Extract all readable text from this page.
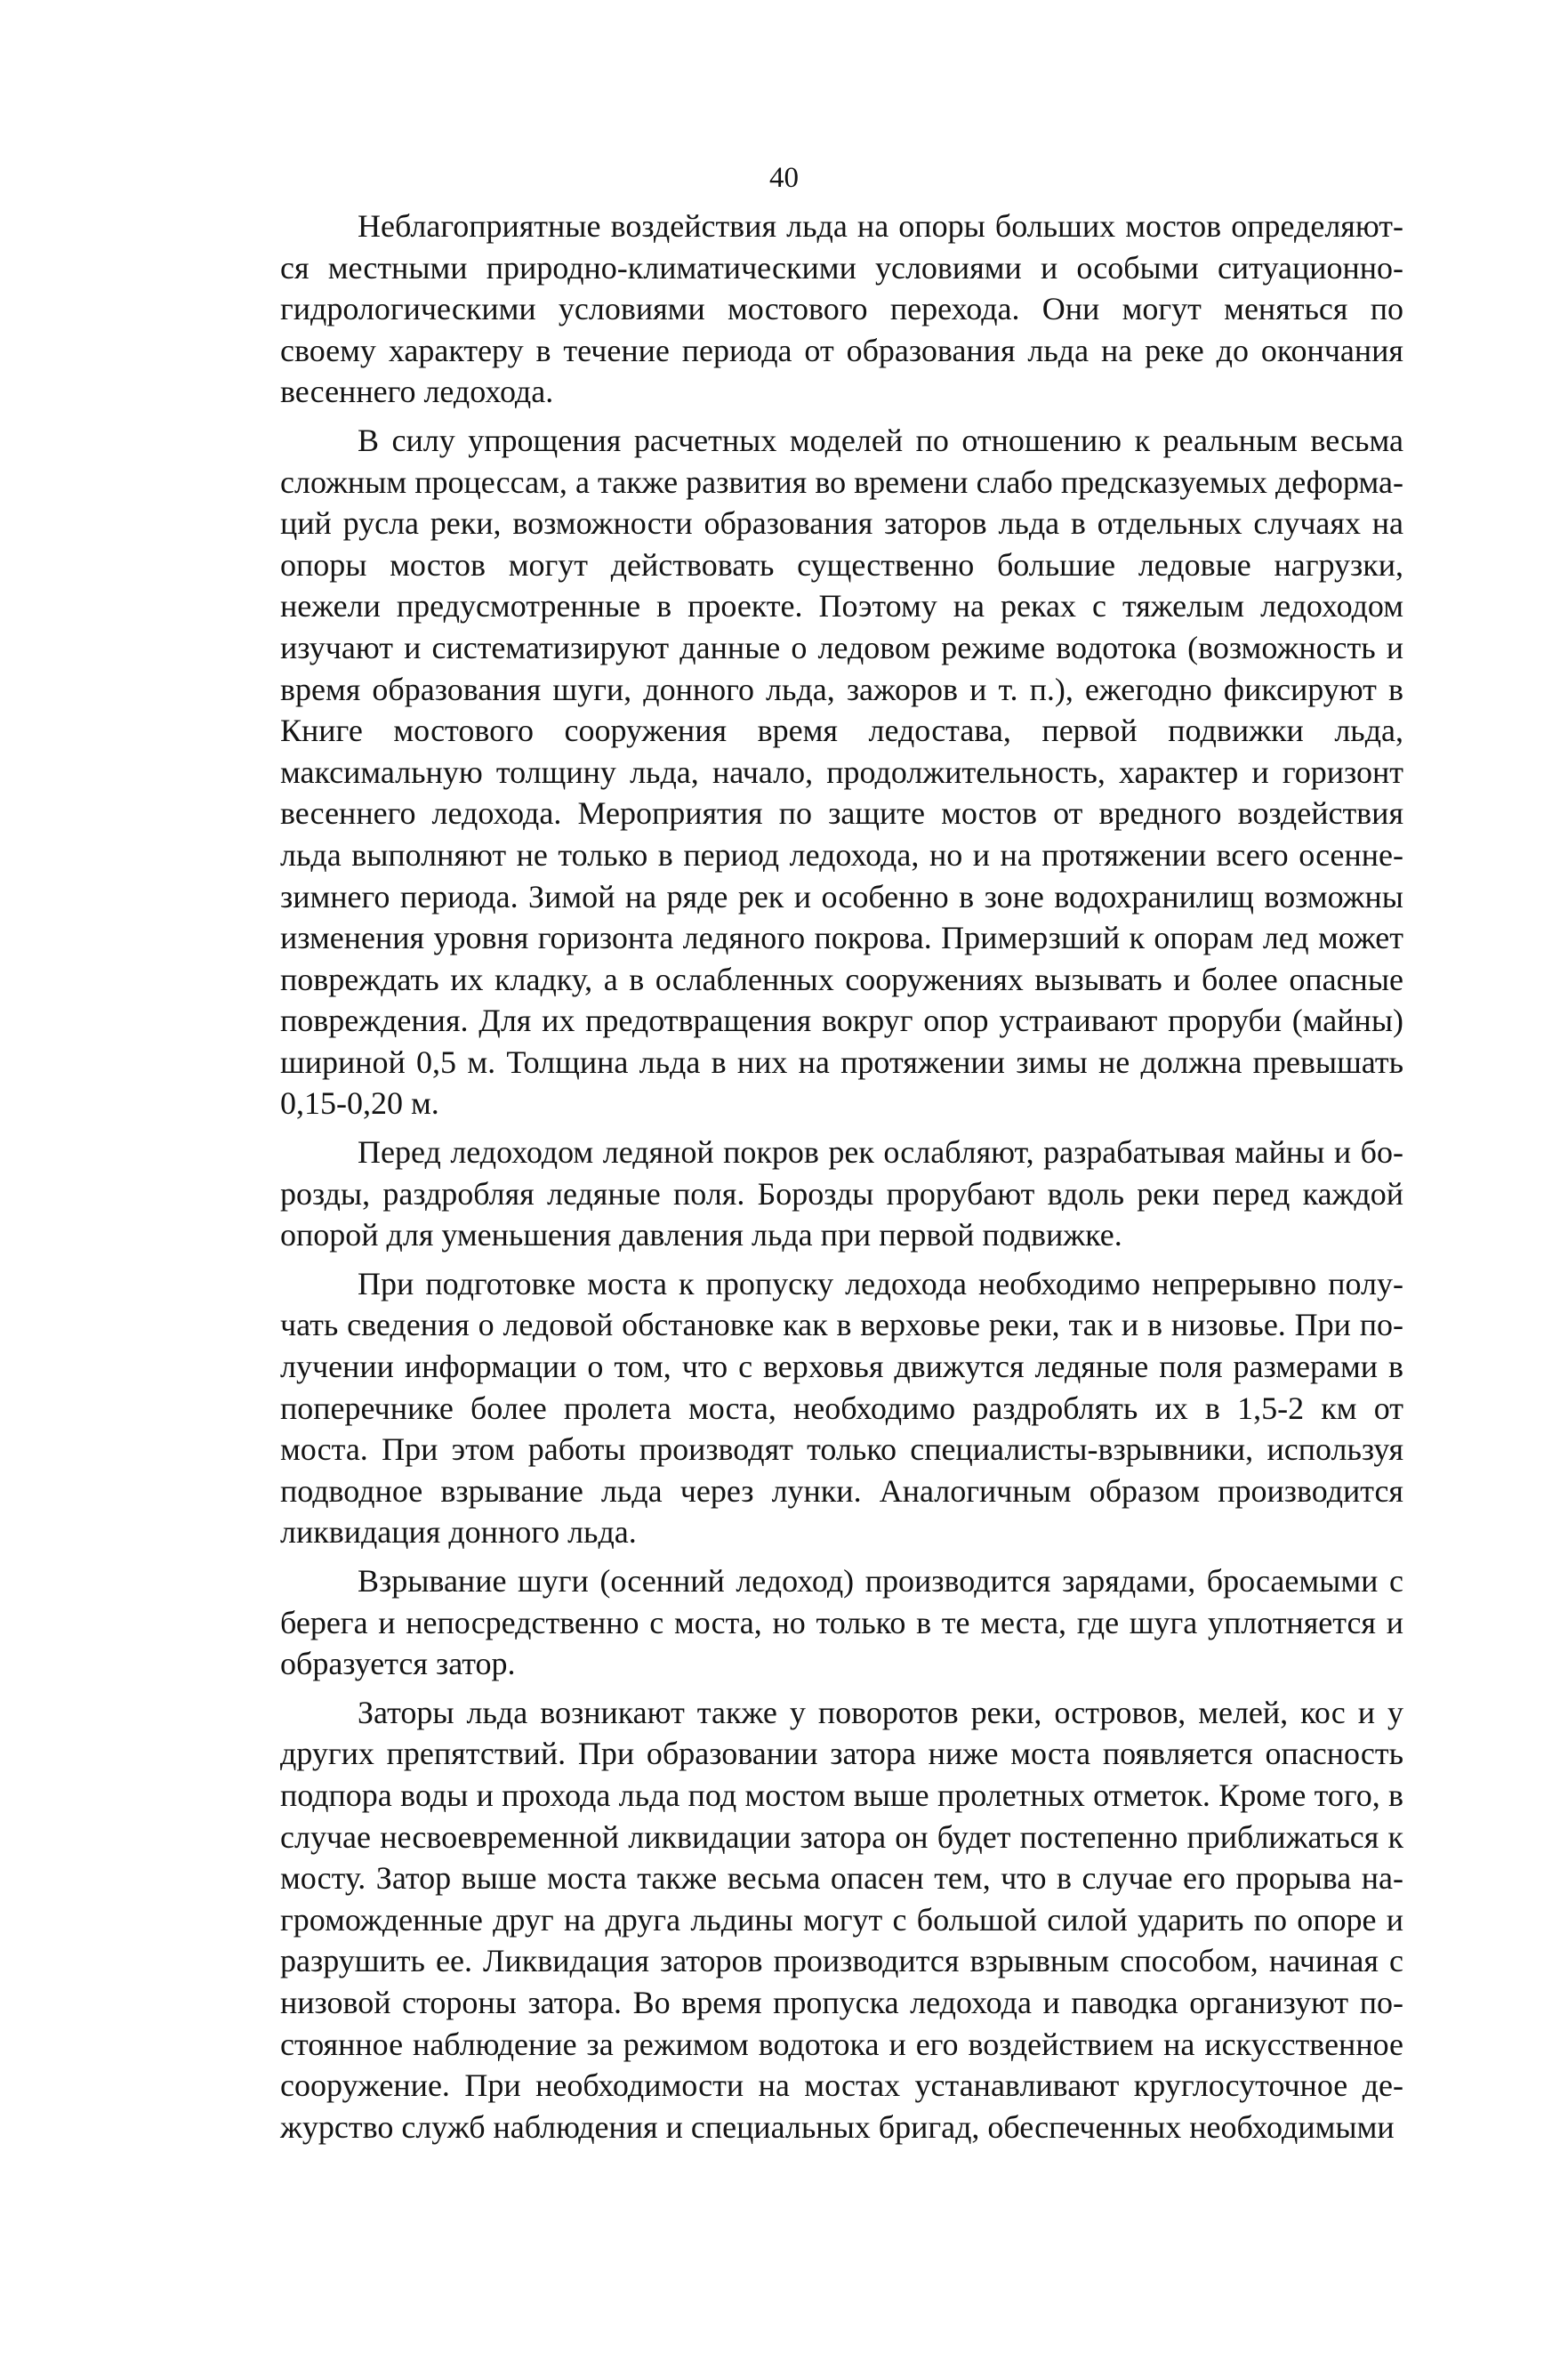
40

Неблагоприятные воздействия льда на опоры больших мостов определяются местными природно-климатическими условиями и особыми ситуационно-гидрологическими условиями мостового перехода. Они могут меняться по своему характеру в течение периода от образования льда на реке до окончания весеннего ледохода.

В силу упрощения расчетных моделей по отношению к реальным весьма сложным процессам, а также развития во времени слабо предсказуемых деформаций русла реки, возможности образования заторов льда в отдельных случаях на опоры мостов могут действовать существенно большие ледовые нагрузки, нежели предусмотренные в проекте. Поэтому на реках с тяжелым ледоходом изучают и систематизируют данные о ледовом режиме водотока (возможность и время образования шуги, донного льда, зажоров и т. п.), ежегодно фиксируют в Книге мостового сооружения время ледостава, первой подвижки льда, максимальную толщину льда, начало, продолжительность, характер и горизонт весеннего ледохода. Мероприятия по защите мостов от вредного воздействия льда выполняют не только в период ледохода, но и на протяжении всего осенне-зимнего периода. Зимой на ряде рек и особенно в зоне водохранилищ возможны изменения уровня горизонта ледяного покрова. Примерзший к опорам лед может повреждать их кладку, а в ослабленных сооружениях вызывать и более опасные повреждения. Для их предотвращения вокруг опор устраивают проруби (майны) шириной 0,5 м. Толщина льда в них на протяжении зимы не должна превышать 0,15-0,20 м.

Перед ледоходом ледяной покров рек ослабляют, разрабатывая майны и борозды, раздробляя ледяные поля. Борозды прорубают вдоль реки перед каждой опорой для уменьшения давления льда при первой подвижке.

При подготовке моста к пропуску ледохода необходимо непрерывно получать сведения о ледовой обстановке как в верховье реки, так и в низовье. При получении информации о том, что с верховья движутся ледяные поля размерами в поперечнике более пролета моста, необходимо раздроблять их в 1,5-2 км от моста. При этом работы производят только специалисты-взрывники, используя подводное взрывание льда через лунки. Аналогичным образом производится ликвидация донного льда.

Взрывание шуги (осенний ледоход) производится зарядами, бросаемыми с берега и непосредственно с моста, но только в те места, где шуга уплотняется и образуется затор.

Заторы льда возникают также у поворотов реки, островов, мелей, кос и у других препятствий. При образовании затора ниже моста появляется опасность подпора воды и прохода льда под мостом выше пролетных отметок. Кроме того, в случае несвоевременной ликвидации затора он будет постепенно приближаться к мосту. Затор выше моста также весьма опасен тем, что в случае его прорыва нагроможденные друг на друга льдины могут с большой силой ударить по опоре и разрушить ее. Ликвидация заторов производится взрывным способом, начиная с низовой стороны затора. Во время пропуска ледохода и паводка организуют постоянное наблюдение за режимом водотока и его воздействием на искусственное сооружение. При необходимости на мостах устанавливают круглосуточное дежурство служб наблюдения и специальных бригад, обеспеченных необходимыми
